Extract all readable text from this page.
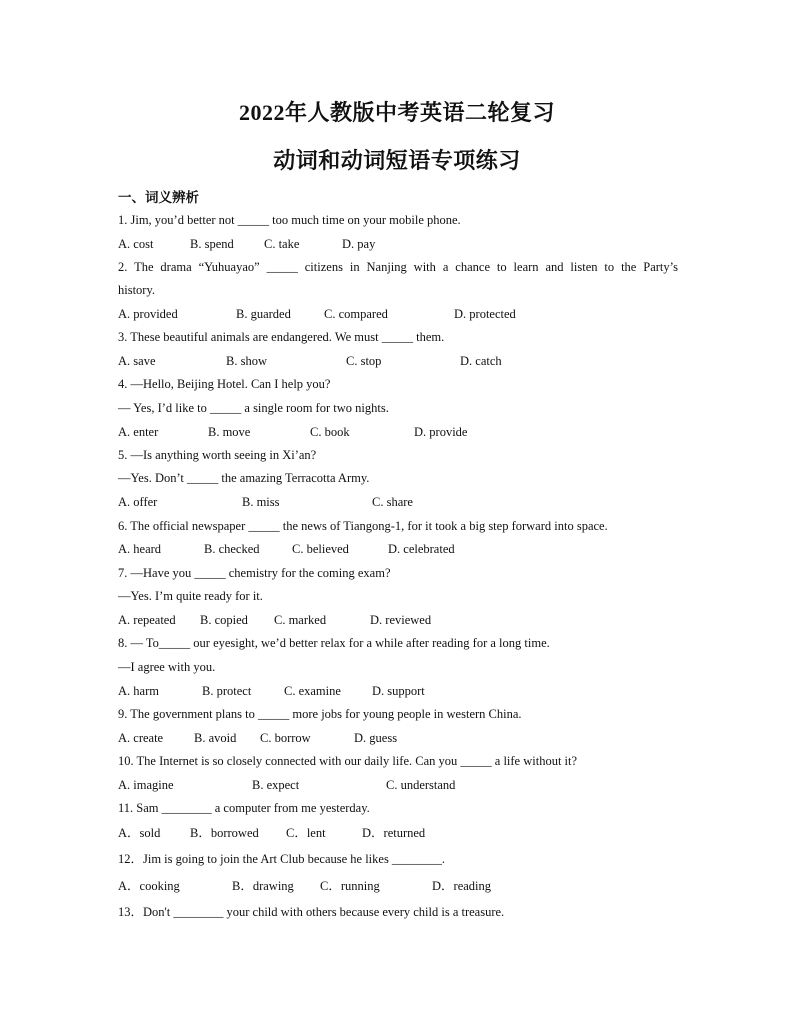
2022年人教版中考英语二轮复习
动词和动词短语专项练习
一、词义辨析
1. Jim, you’d better not _____ too much time on your mobile phone.
A. cost	B. spend C. take	D. pay
2. The drama “Yuhuayao” _____ citizens in Nanjing with a chance to learn and listen to the Party’s
history.
A. provided	B. guarded	C. compared	D. protected
3. These beautiful animals are endangered. We must _____ them.
A. save	B. show	C. stop	D. catch
4. —Hello, Beijing Hotel. Can I help you?
— Yes, I’d like to _____ a single room for two nights.
A. enter	B. move	C. book	D. provide
5. —Is anything worth seeing in Xi’an?
—Yes. Don’t _____ the amazing Terracotta Army.
A. offer	B. miss	C. share
6. The official newspaper _____ the news of Tiangong-1, for it took a big step forward into space.
A. heard	B. checked	C. believed	D. celebrated
7. —Have you _____ chemistry for the coming exam?
—Yes. I’m quite ready for it.
A. repeated B. copied C. marked	D. reviewed
8. — To_____ our eyesight, we’d better relax for a while after reading for a long time.
—I agree with you.
A. harm	B. protect	C. examine D. support
9. The government plans to _____ more jobs for young people in western China.
A. create B. avoid C. borrow	D. guess
10. The Internet is so closely connected with our daily life. Can you _____ a life without it?
A. imagine	B. expect	C. understand
11. Sam ________ a computer from me yesterday.
A．sold B．borrowed C．lent	D．returned
12．Jim is going to join the Art Club because he likes ________.
A．cooking	B．drawing C．running	D．reading
13．Don't ________ your child with others because every child is a treasure.
